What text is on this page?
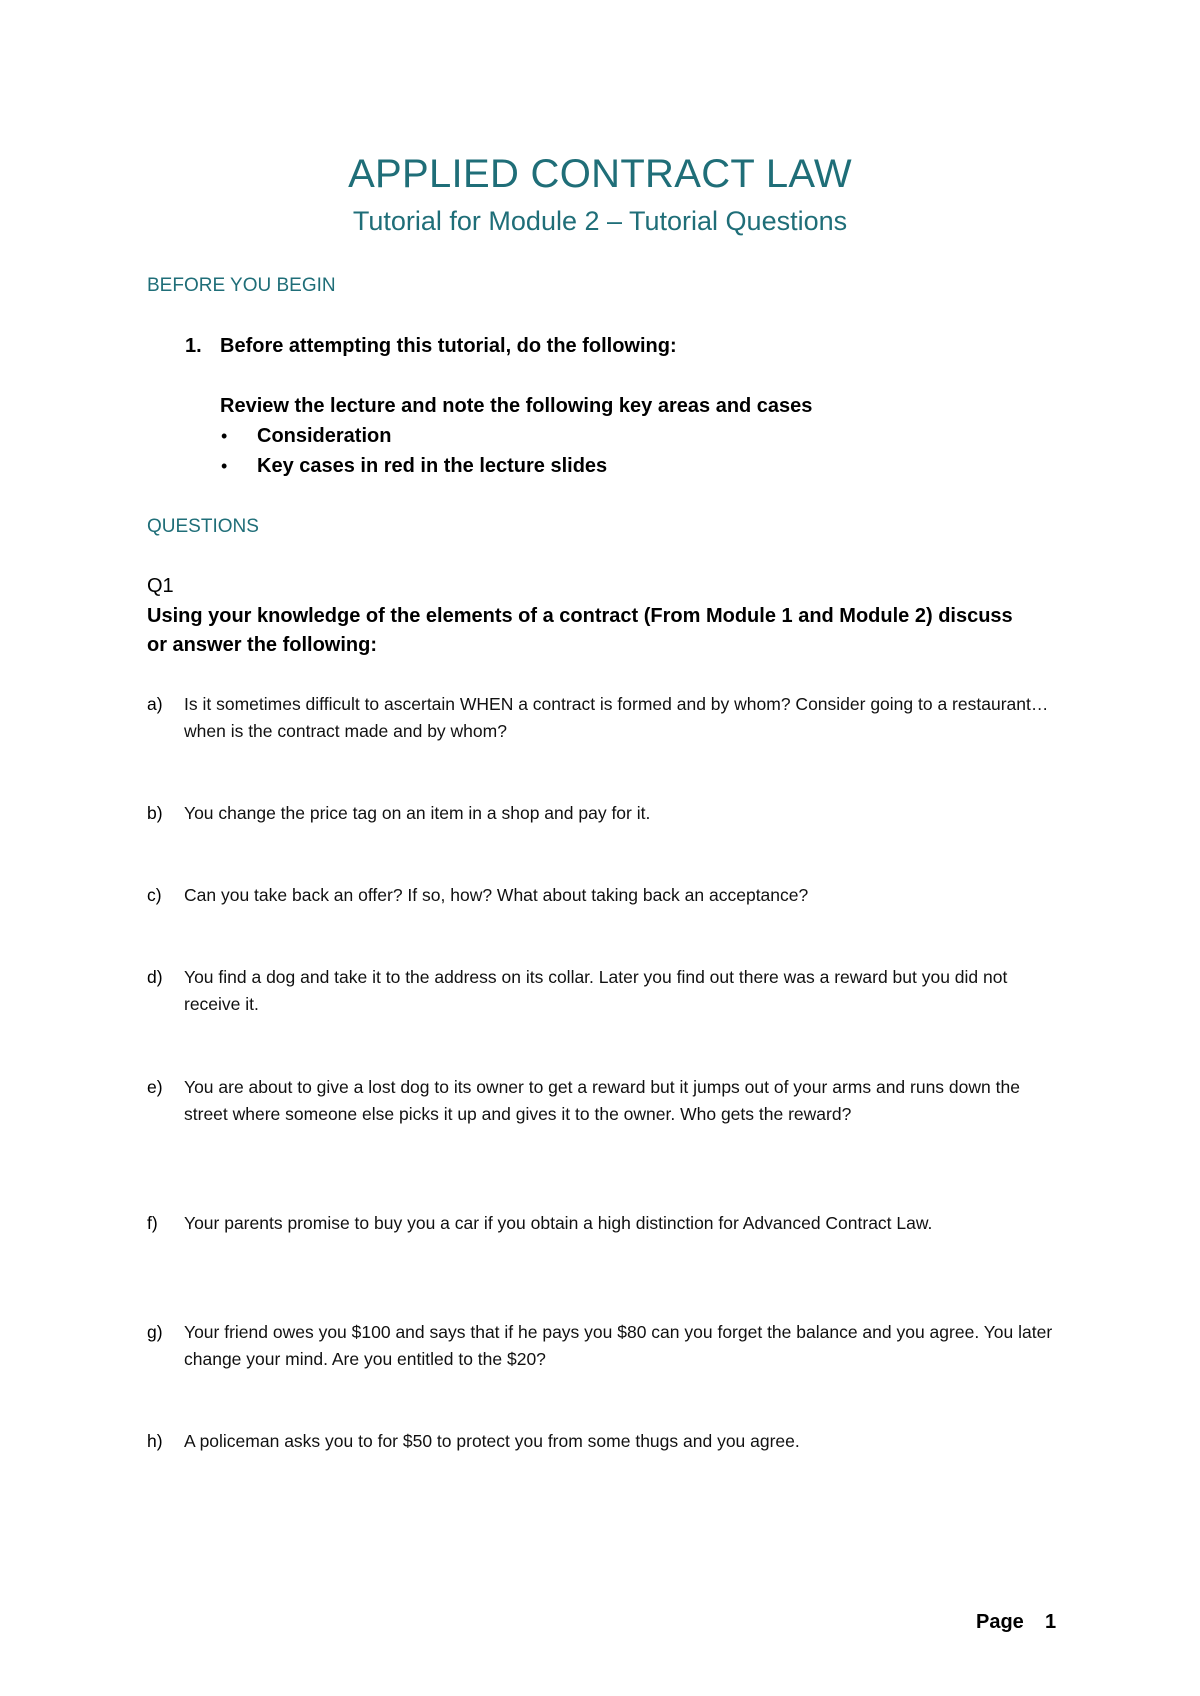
APPLIED CONTRACT LAW
Tutorial for Module 2 – Tutorial Questions
BEFORE YOU BEGIN
1. Before attempting this tutorial, do the following:
Review the lecture and note the following key areas and cases
• Consideration
• Key cases in red in the lecture slides
QUESTIONS
Q1
Using your knowledge of the elements of a contract (From Module 1 and Module 2) discuss
or answer the following:
a) Is it sometimes difficult to ascertain WHEN a contract is formed and by whom? Consider going to a restaurant…when is the contract made and by whom?
b) You change the price tag on an item in a shop and pay for it.
c) Can you take back an offer? If so, how? What about taking back an acceptance?
d) You find a dog and take it to the address on its collar. Later you find out there was a reward but you did not receive it.
e) You are about to give a lost dog to its owner to get a reward but it jumps out of your arms and runs down the street where someone else picks it up and gives it to the owner. Who gets the reward?
f) Your parents promise to buy you a car if you obtain a high distinction for Advanced Contract Law.
g) Your friend owes you $100 and says that if he pays you $80 can you forget the balance and you agree. You later change your mind. Are you entitled to the $20?
h) A policeman asks you to for $50 to protect you from some thugs and you agree.
Page 1
